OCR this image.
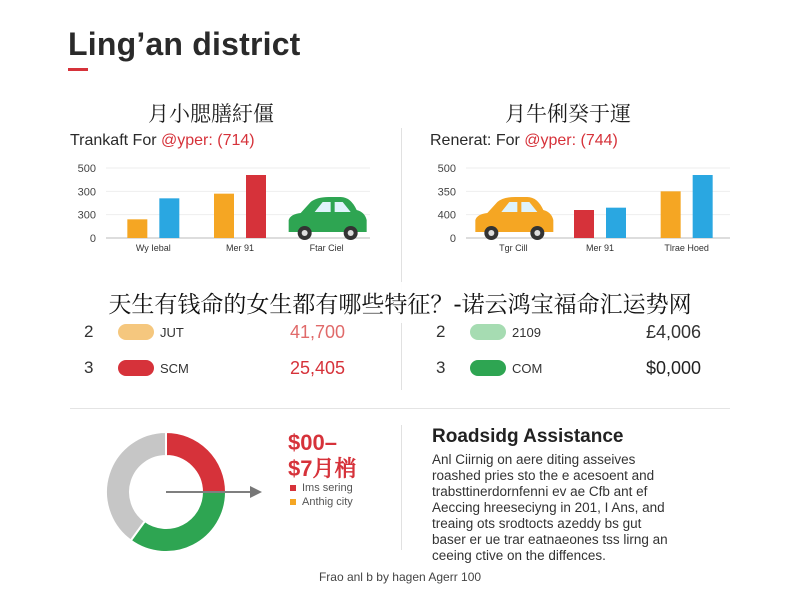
Ling’an district
月小腮膳紆僵
Trankaft For @yper: (714)
500
300
300
0
Wy Iebal	Mer 91	Ftar Ciel
月牛俐癸于運
Renerat: For @yper: (744)
500
350
400
0
Tgr Cill	Mer 91	Tlrae Hoed
天生有钱命的女生都有哪些特征？-诺云鸿宝福命汇运势网
2	JUT	41,700
3	SCM	25,405
2	2109	£4,006
3	COM	$0,000
$00–
$7月梢
Ims sering
Anthig city
Roadsidg Assistance
Anl Ciirnig on aere diting asseives
roashed pries sto the e acesoent and
trabsttinerdornfenni ev ae Cfb ant ef
Aeccing hreeseciyng in 201, I Ans, and
treaing ots srodtocts azeddy bs gut
baser er ue trar eatnaeones tss lirng an
ceeing ctive on the diffences.
Frao anl b by hagen Agerr 100
